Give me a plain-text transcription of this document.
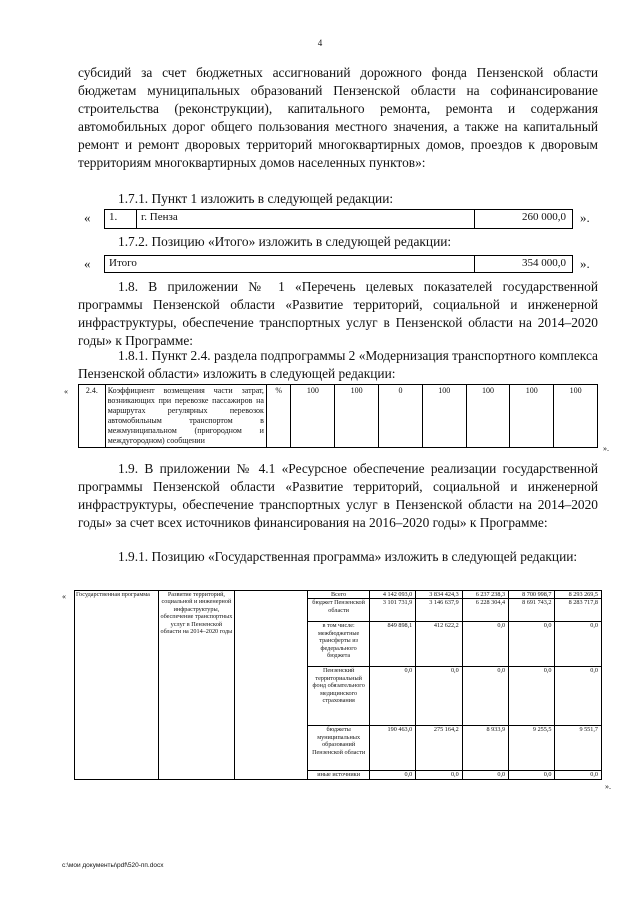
4
субсидий за счет бюджетных ассигнований дорожного фонда Пензенской области бюджетам муниципальных образований Пензенской области на софинансирование строительства (реконструкции), капитального ремонта, ремонта и содержания автомобильных дорог общего пользования местного значения, а также на капитальный ремонт и ремонт дворовых территорий многоквартирных домов, проездов к дворовым территориям многоквартирных домов населенных пунктов»:
1.7.1. Пункт 1 изложить в следующей редакции:
«	1.	г. Пенза	260 000,0	».
1.7.2. Позицию «Итого» изложить в следующей редакции:
«	Итого	354 000,0	».
1.8. В приложении № 1 «Перечень целевых показателей государственной программы Пензенской области «Развитие территорий, социальной и инженерной инфраструктуры, обеспечение транспортных услуг в Пензенской области на 2014–2020 годы» к Программе:
1.8.1. Пункт 2.4. раздела подпрограммы 2 «Модернизация транспортного комплекса Пензенской области» изложить в следующей редакции:
« 2.4.	Коэффициент возмещения части затрат, возникающих при перевозке пассажиров на маршрутах регулярных перевозок автомобильным транспортом в межмуниципальном (пригородном и междугородном) сообщении	%	100	100	0	100	100	100	100
».
1.9. В приложении № 4.1 «Ресурсное обеспечение реализации государственной программы Пензенской области «Развитие территорий, социальной и инженерной инфраструктуры, обеспечение транспортных услуг в Пензенской области на 2014–2020 годы» за счет всех источников финансирования на 2016–2020 годы» к Программе:
1.9.1. Позицию «Государственная программа» изложить в следующей редакции:
« Государственная программа	Развитие территорий, социальной и инженерной инфраструктуры, обеспечение транспортных услуг в Пензенской области на 2014–2020 годы		Всего	4 142 093,0	3 834 424,3	6 237 238,3	8 700 998,7	8 293 269,5
			бюджет Пензенской области	3 101 731,9	3 146 637,9	6 228 304,4	8 691 743,2	8 283 717,8
			в том числе: межбюджетные трансферты из федерального бюджета	849 898,1	412 622,2	0,0	0,0	0,0
			Пензенский территориальный фонд обязательного медицинского страхования	0,0	0,0	0,0	0,0	0,0
			бюджеты муниципальных образований Пензенской области	190 463,0	275 164,2	8 933,9	9 255,5	9 551,7
			иные источники	0,0	0,0	0,0	0,0	0,0
».
c:\мои документы\pdf\520-пп.docx
